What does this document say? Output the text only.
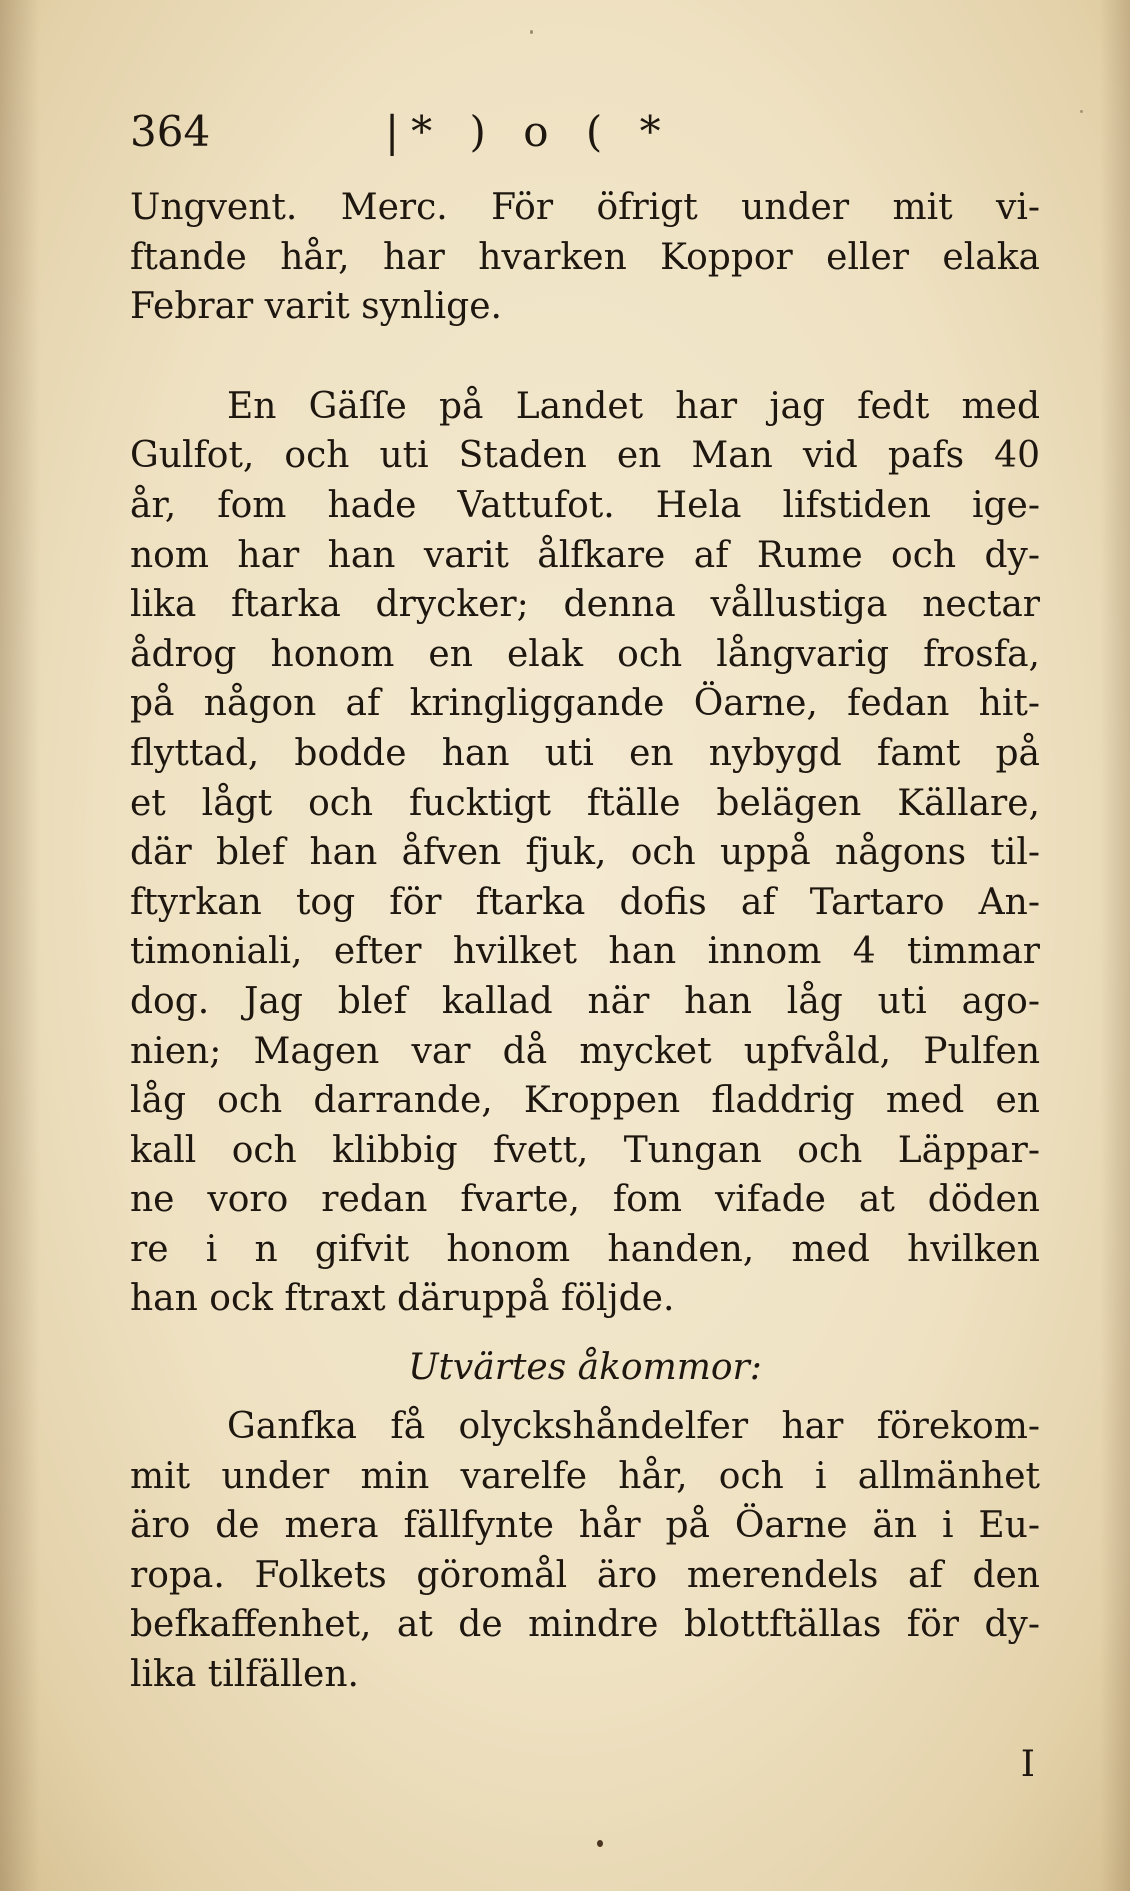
364	|* ) o ( *
Ungvent. Merc. För öfrigt under mit vi-
ftande hår, har hvarken Koppor eller elaka
Febrar varit synlige.
En Gäſſe på Landet har jag fedt med
Gulfot, och uti Staden en Man vid pafs 40
år, fom hade Vattufot. Hela lifstiden ige-
nom har han varit ålfkare af Rume och dy-
lika ftarka drycker; denna vållustiga nectar
ådrog honom en elak och långvarig frosfa,
på någon af kringliggande Öarne, fedan hit-
flyttad, bodde han uti en nybygd famt på
et lågt och fucktigt ftälle belägen Källare,
där blef han åfven fjuk, och uppå någons til-
ftyrkan tog för ftarka dofis af Tartaro An-
timoniali, efter hvilket han innom 4 timmar
dog. Jag blef kallad när han låg uti ago-
nien; Magen var då mycket upfvåld, Pulfen
låg och darrande, Kroppen fladdrig med en
kall och klibbig fvett, Tungan och Läppar-
ne voro redan fvarte, fom vifade at döden
re i n gifvit honom handen, med hvilken
han ock ftraxt däruppå följde.
Utvärtes åkommor:
Ganfka få olyckshåndelfer har förekom-
mit under min varelfe hår, och i allmänhet
äro de mera fällfynte hår på Öarne än i Eu-
ropa. Folkets göromål äro merendels af den
befkaffenhet, at de mindre blottftällas för dy-
lika tilfällen.
I
